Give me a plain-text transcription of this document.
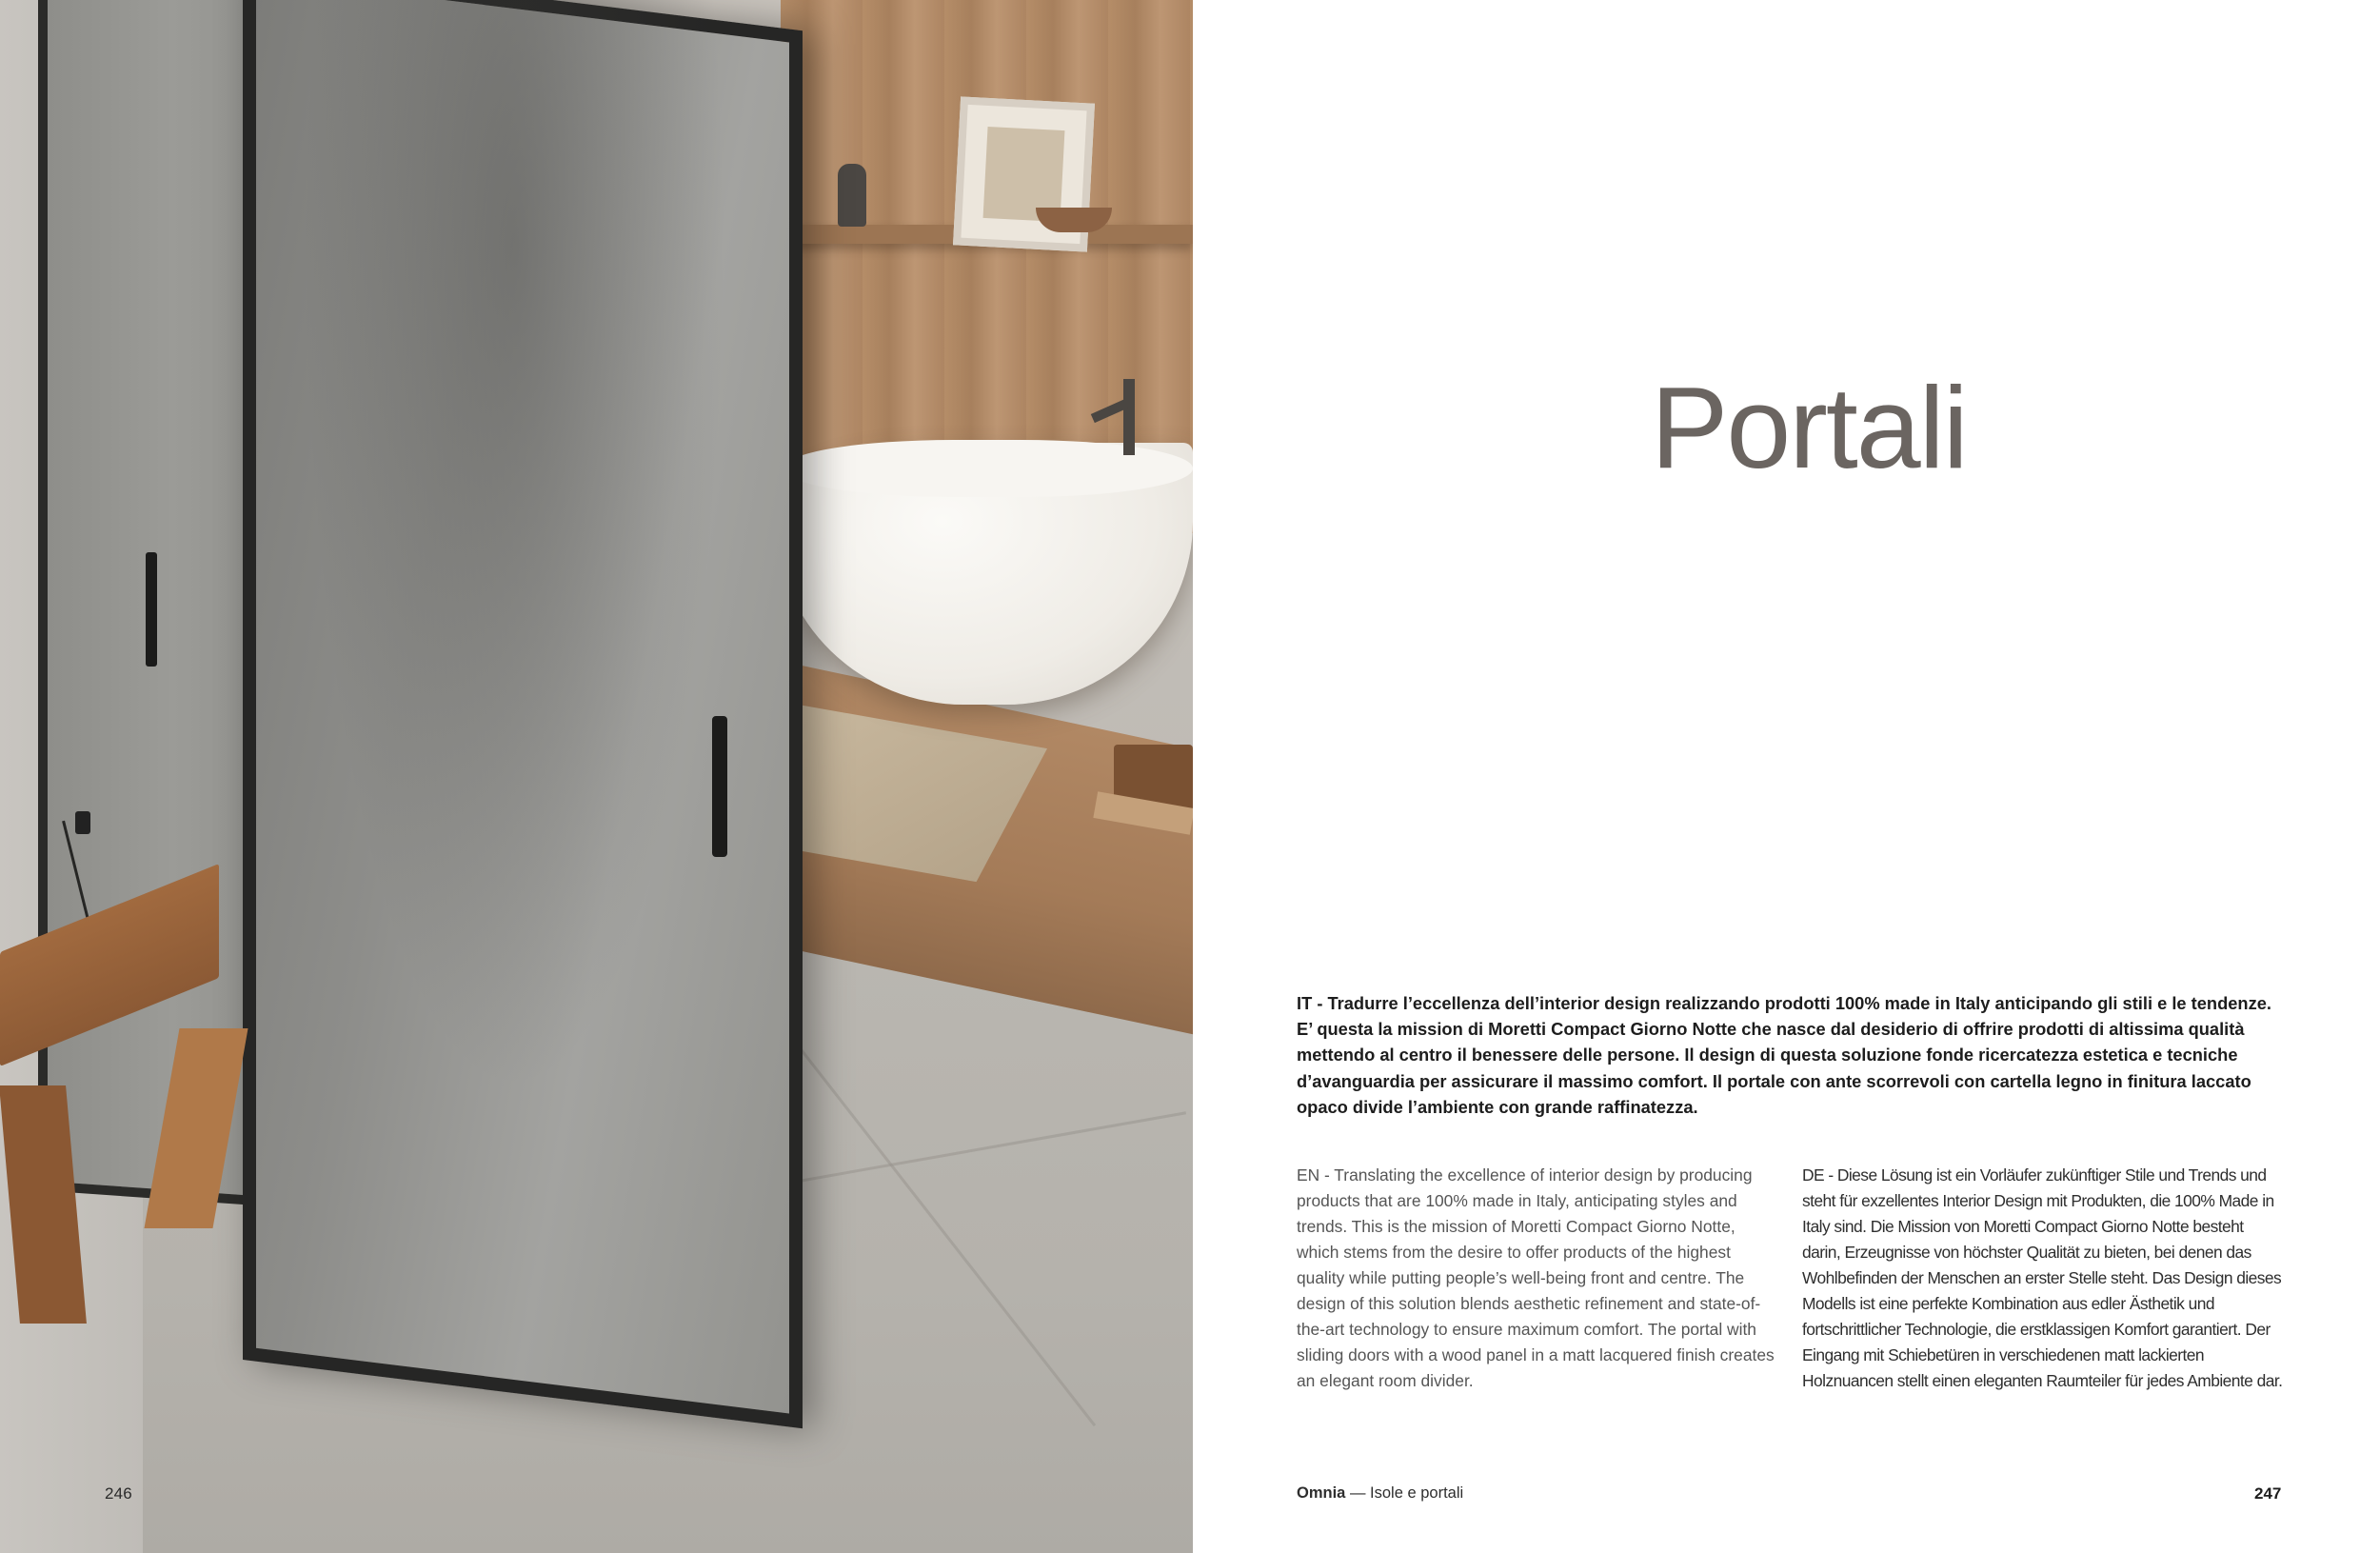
246
Portali
IT - Tradurre l’eccellenza dell’interior design realizzando prodotti 100% made in Italy anticipando gli stili e le tendenze. E’ questa la mission di Moretti Compact Giorno Notte che nasce dal desiderio di offrire prodotti di altissima qualità mettendo al centro il benessere delle persone. Il design di questa soluzione fonde ricercatezza estetica e tecniche d’avanguardia per assicurare il massimo comfort. Il portale con ante scorrevoli con cartella legno in finitura laccato opaco divide l’ambiente con grande raffinatezza.
EN - Translating the excellence of interior design by producing products that are 100% made in Italy, anticipating styles and trends. This is the mission of Moretti Compact Giorno Notte, which stems from the desire to offer products of the highest quality while putting people’s well-being front and centre. The design of this solution blends aesthetic refinement and state-of-the-art technology to ensure maximum comfort. The portal with sliding doors with a wood panel in a matt lacquered finish creates an elegant room divider.
DE - Diese Lösung ist ein Vorläufer zukünftiger Stile und Trends und steht für exzellentes Interior Design mit Produkten, die 100% Made in Italy sind. Die Mission von Moretti Compact Giorno Notte besteht darin, Erzeugnisse von höchster Qualität zu bieten, bei denen das Wohlbefinden der Menschen an erster Stelle steht. Das Design dieses Modells ist eine perfekte Kombination aus edler Ästhetik und fortschrittlicher Technologie, die erstklassigen Komfort garantiert. Der Eingang mit Schiebetüren in verschiedenen matt lackierten Holznuancen stellt einen eleganten Raumteiler für jedes Ambiente dar.
Omnia — Isole e portali	247
